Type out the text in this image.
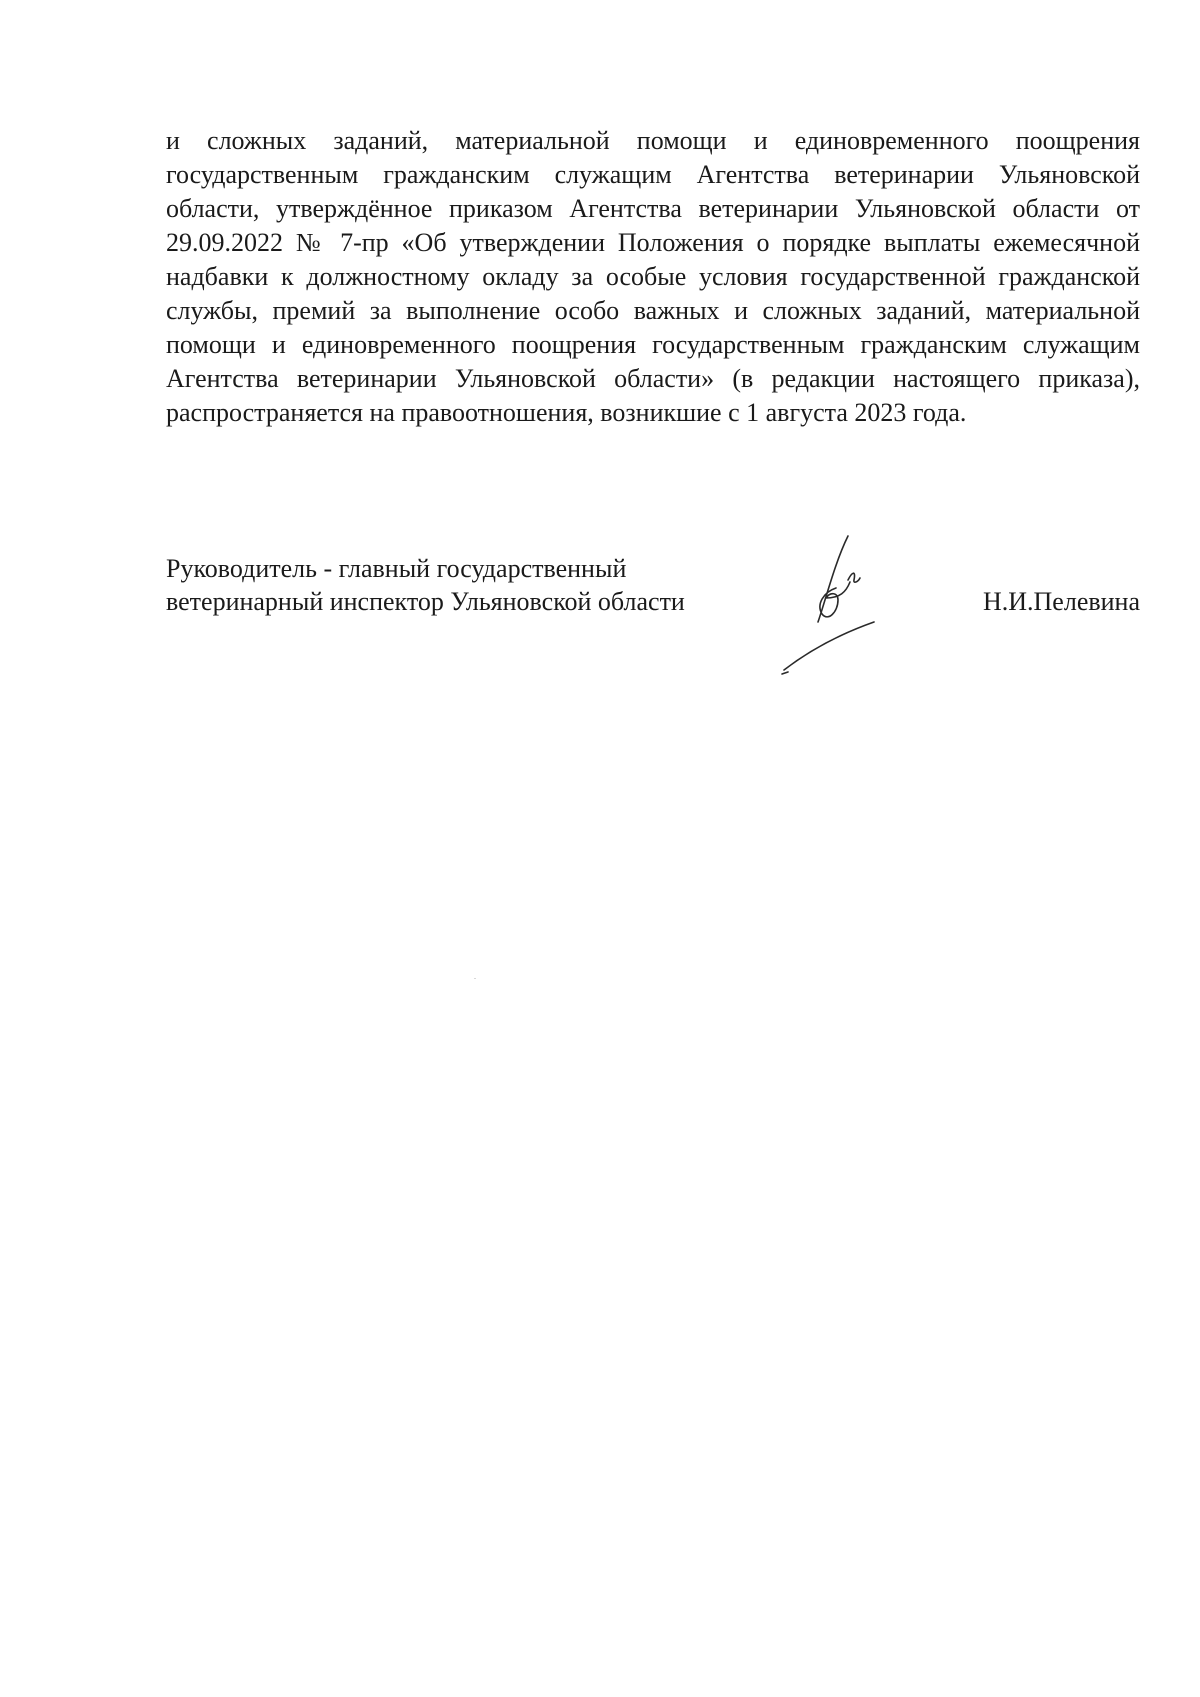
и сложных заданий, материальной помощи и единовременного поощрения государственным гражданским служащим Агентства ветеринарии Ульяновской области, утверждённое приказом Агентства ветеринарии Ульяновской области от 29.09.2022 № 7-пр «Об утверждении Положения о порядке выплаты ежемесячной надбавки к должностному окладу за особые условия государственной гражданской службы, премий за выполнение особо важных и сложных заданий, материальной помощи и единовременного поощрения государственным гражданским служащим Агентства ветеринарии Ульяновской области» (в редакции настоящего приказа), распространяется на правоотношения, возникшие с 1 августа 2023 года.

Руководитель - главный государственный
ветеринарный инспектор Ульяновской области	Н.И.Пелевина
